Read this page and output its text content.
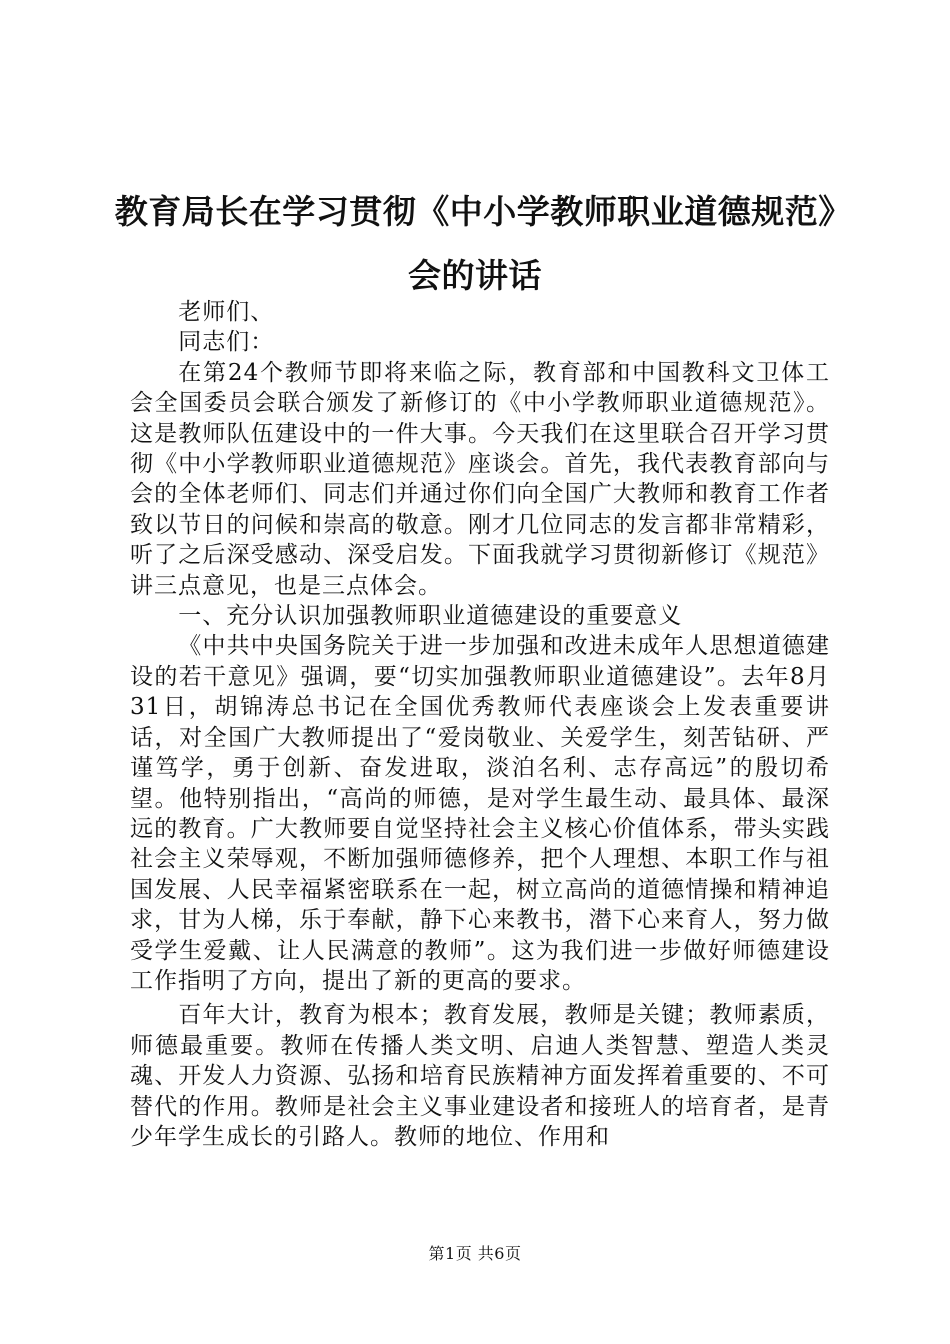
教育局长在学习贯彻《中小学教师职业道德规范》会的讲话

老师们、

同志们：

在第24个教师节即将来临之际，教育部和中国教科文卫体工会全国委员会联合颁发了新修订的《中小学教师职业道德规范》。这是教师队伍建设中的一件大事。今天我们在这里联合召开学习贯彻《中小学教师职业道德规范》座谈会。首先，我代表教育部向与会的全体老师们、同志们并通过你们向全国广大教师和教育工作者致以节日的问候和崇高的敬意。刚才几位同志的发言都非常精彩，听了之后深受感动、深受启发。下面我就学习贯彻新修订《规范》讲三点意见，也是三点体会。

一、充分认识加强教师职业道德建设的重要意义

《中共中央国务院关于进一步加强和改进未成年人思想道德建设的若干意见》强调，要“切实加强教师职业道德建设”。去年8月31日，胡锦涛总书记在全国优秀教师代表座谈会上发表重要讲话，对全国广大教师提出了“爱岗敬业、关爱学生，刻苦钻研、严谨笃学，勇于创新、奋发进取，淡泊名利、志存高远”的殷切希望。他特别指出，“高尚的师德，是对学生最生动、最具体、最深远的教育。广大教师要自觉坚持社会主义核心价值体系，带头实践社会主义荣辱观，不断加强师德修养，把个人理想、本职工作与祖国发展、人民幸福紧密联系在一起，树立高尚的道德情操和精神追求，甘为人梯，乐于奉献，静下心来教书，潜下心来育人，努力做受学生爱戴、让人民满意的教师”。这为我们进一步做好师德建设工作指明了方向，提出了新的更高的要求。

百年大计，教育为根本；教育发展，教师是关键；教师素质，师德最重要。教师在传播人类文明、启迪人类智慧、塑造人类灵魂、开发人力资源、弘扬和培育民族精神方面发挥着重要的、不可替代的作用。教师是社会主义事业建设者和接班人的培育者，是青少年学生成长的引路人。教师的地位、作用和

第1页 共6页
